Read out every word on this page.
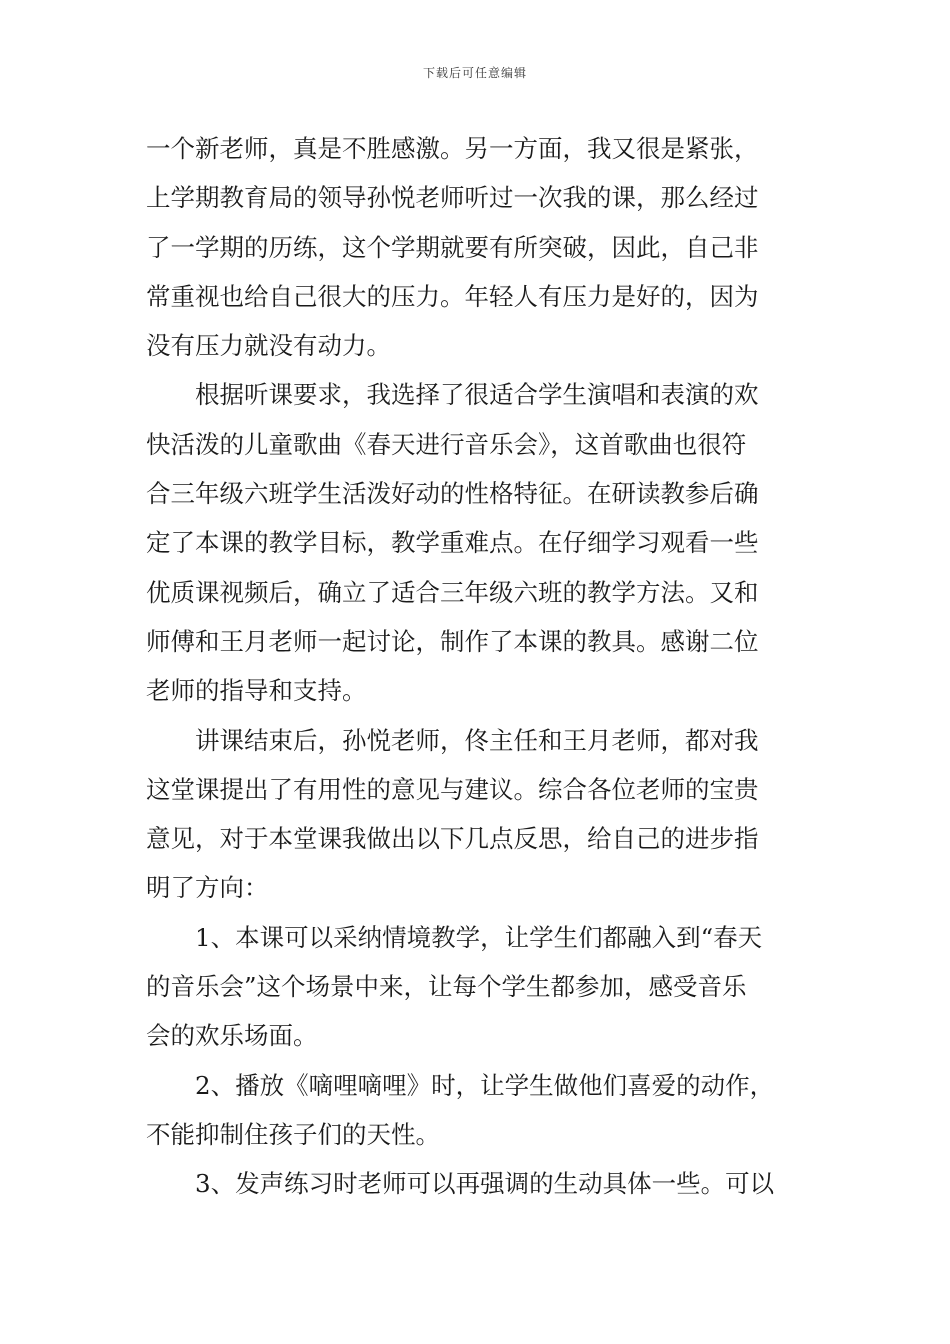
下载后可任意编辑
一个新老师，真是不胜感激。另一方面，我又很是紧张，
上学期教育局的领导孙悦老师听过一次我的课，那么经过
了一学期的历练，这个学期就要有所突破，因此，自己非
常重视也给自己很大的压力。年轻人有压力是好的，因为
没有压力就没有动力。
　　根据听课要求，我选择了很适合学生演唱和表演的欢
快活泼的儿童歌曲《春天进行音乐会》，这首歌曲也很符
合三年级六班学生活泼好动的性格特征。在研读教参后确
定了本课的教学目标，教学重难点。在仔细学习观看一些
优质课视频后，确立了适合三年级六班的教学方法。又和
师傅和王月老师一起讨论，制作了本课的教具。感谢二位
老师的指导和支持。
　　讲课结束后，孙悦老师，佟主任和王月老师，都对我
这堂课提出了有用性的意见与建议。综合各位老师的宝贵
意见，对于本堂课我做出以下几点反思，给自己的进步指
明了方向：
　　1、本课可以采纳情境教学，让学生们都融入到“春天
的音乐会”这个场景中来，让每个学生都参加，感受音乐
会的欢乐场面。
　　2、播放《嘀哩嘀哩》时，让学生做他们喜爱的动作，
不能抑制住孩子们的天性。
　　3、发声练习时老师可以再强调的生动具体一些。可以
